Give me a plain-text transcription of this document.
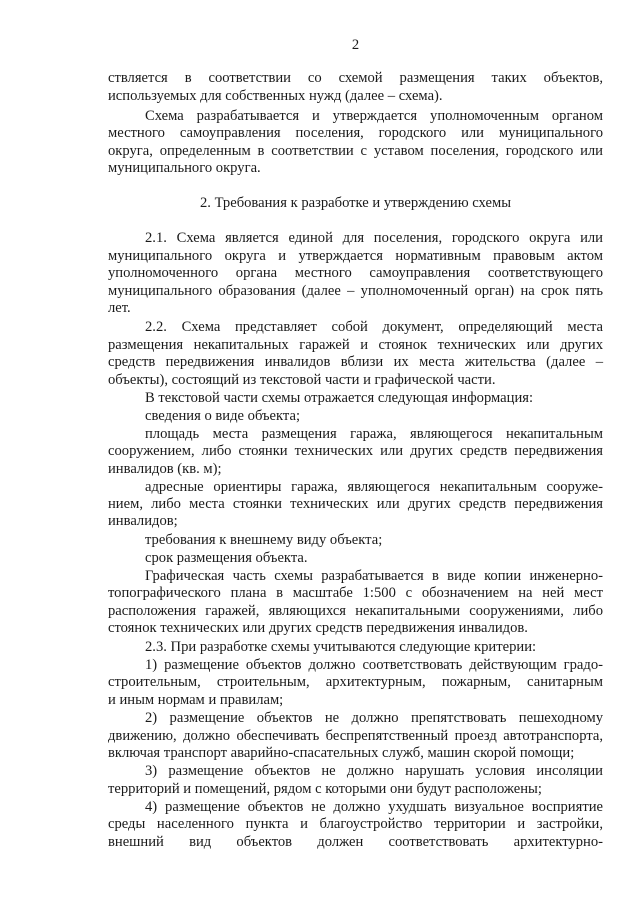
2
ствляется в соответствии со схемой размещения таких объектов,
используемых для собственных нужд (далее – схема).
Схема разрабатывается и утверждается уполномоченным органом
местного самоуправления поселения, городского или муниципального
округа, определенным в соответствии с уставом поселения, городского или
муниципального округа.
2. Требования к разработке и утверждению схемы
2.1. Схема является единой для поселения, городского округа или
муниципального округа и утверждается нормативным правовым актом
уполномоченного органа местного самоуправления соответствующего
муниципального образования (далее – уполномоченный орган) на срок пять
лет.
2.2. Схема представляет собой документ, определяющий места
размещения некапитальных гаражей и стоянок технических или других
средств передвижения инвалидов вблизи их места жительства (далее –
объекты), состоящий из текстовой части и графической части.
В текстовой части схемы отражается следующая информация:
сведения о виде объекта;
площадь места размещения гаража, являющегося некапитальным
сооружением, либо стоянки технических или других средств передвижения
инвалидов (кв. м);
адресные ориентиры гаража, являющегося некапитальным сооруже-
нием, либо места стоянки технических или других средств передвижения
инвалидов;
требования к внешнему виду объекта;
срок размещения объекта.
Графическая часть схемы разрабатывается в виде копии инженерно-
топографического плана в масштабе 1:500 с обозначением на ней мест
расположения гаражей, являющихся некапитальными сооружениями, либо
стоянок технических или других средств передвижения инвалидов.
2.3. При разработке схемы учитываются следующие критерии:
1) размещение объектов должно соответствовать действующим градо-
строительным, строительным, архитектурным, пожарным, санитарным
и иным нормам и правилам;
2) размещение объектов не должно препятствовать пешеходному
движению, должно обеспечивать беспрепятственный проезд автотранспорта,
включая транспорт аварийно-спасательных служб, машин скорой помощи;
3) размещение объектов не должно нарушать условия инсоляции
территорий и помещений, рядом с которыми они будут расположены;
4) размещение объектов не должно ухудшать визуальное восприятие
среды населенного пункта и благоустройство территории и застройки,
внешний вид объектов должен соответствовать архитектурно-
